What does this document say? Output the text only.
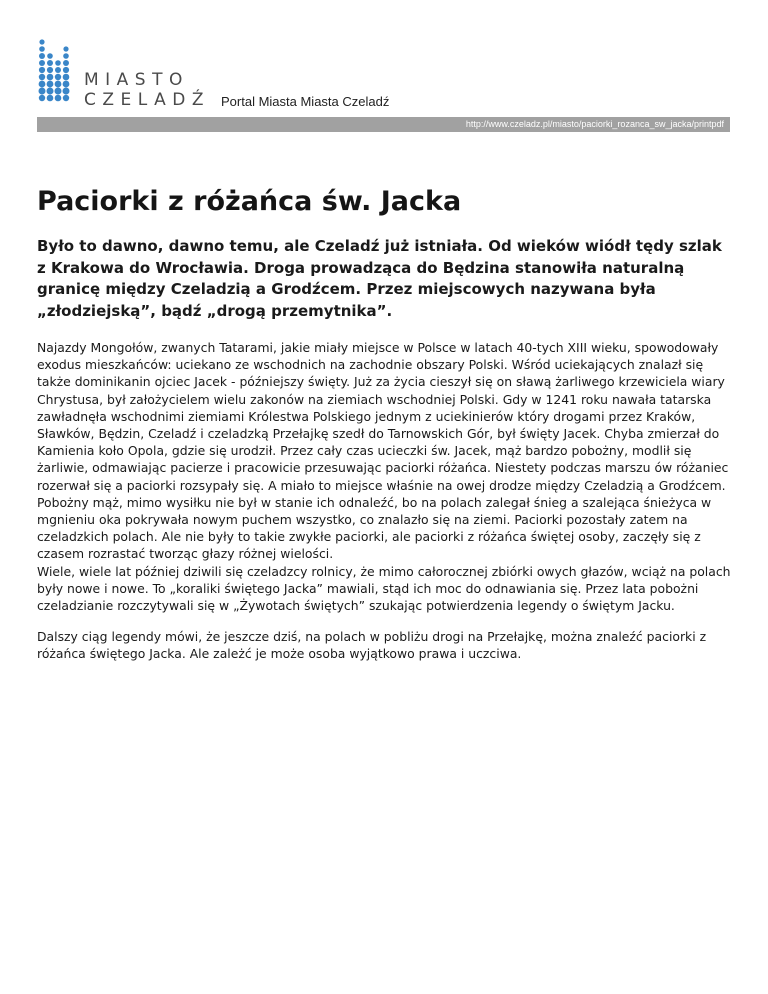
MIASTO
CZELADŹ Portal Miasta Miasta Czeladź
http://www.czeladz.pl/miasto/paciorki_rozanca_sw_jacka/printpdf
Paciorki z różańca św. Jacka

Było to dawno, dawno temu, ale Czeladź już istniała. Od wieków wiódł tędy szlak z Krakowa do Wrocławia. Droga prowadząca do Będzina stanowiła naturalną granicę między Czeladzią a Grodźcem. Przez miejscowych nazywana była „złodziejską”, bądź „drogą przemytnika”.

Najazdy Mongołów, zwanych Tatarami, jakie miały miejsce w Polsce w latach 40-tych XIII wieku, spowodowały exodus mieszkańców: uciekano ze wschodnich na zachodnie obszary Polski. Wśród uciekających znalazł się także dominikanin ojciec Jacek - późniejszy święty. Już za życia cieszył się on sławą żarliwego krzewiciela wiary Chrystusa, był założycielem wielu zakonów na ziemiach wschodniej Polski. Gdy w 1241 roku nawała tatarska zawładnęła wschodnimi ziemiami Królestwa Polskiego jednym z uciekinierów który drogami przez Kraków, Sławków, Będzin, Czeladź i czeladzką Przełajkę szedł do Tarnowskich Gór, był święty Jacek. Chyba zmierzał do Kamienia koło Opola, gdzie się urodził. Przez cały czas ucieczki św. Jacek, mąż bardzo pobożny, modlił się żarliwie, odmawiając pacierze i pracowicie przesuwając paciorki różańca. Niestety podczas marszu ów różaniec rozerwał się a paciorki rozsypały się. A miało to miejsce właśnie na owej drodze między Czeladzią a Grodźcem. Pobożny mąż, mimo wysiłku nie był w stanie ich odnaleźć, bo na polach zalegał śnieg a szalejąca śnieżyca w mgnieniu oka pokrywała nowym puchem wszystko, co znalazło się na ziemi. Paciorki pozostały zatem na czeladzkich polach. Ale nie były to takie zwykłe paciorki, ale paciorki z różańca świętej osoby, zaczęły się z czasem rozrastać tworząc głazy różnej wielości.

Wiele, wiele lat później dziwili się czeladzcy rolnicy, że mimo całorocznej zbiórki owych głazów, wciąż na polach były nowe i nowe. To „koraliki świętego Jacka” mawiali, stąd ich moc do odnawiania się. Przez lata pobożni czeladzianie rozczytywali się w „Żywotach świętych” szukając potwierdzenia legendy o świętym Jacku.

Dalszy ciąg legendy mówi, że jeszcze dziś, na polach w pobliżu drogi na Przełajkę, można znaleźć paciorki z różańca świętego Jacka. Ale zależć je może osoba wyjątkowo prawa i uczciwa.
